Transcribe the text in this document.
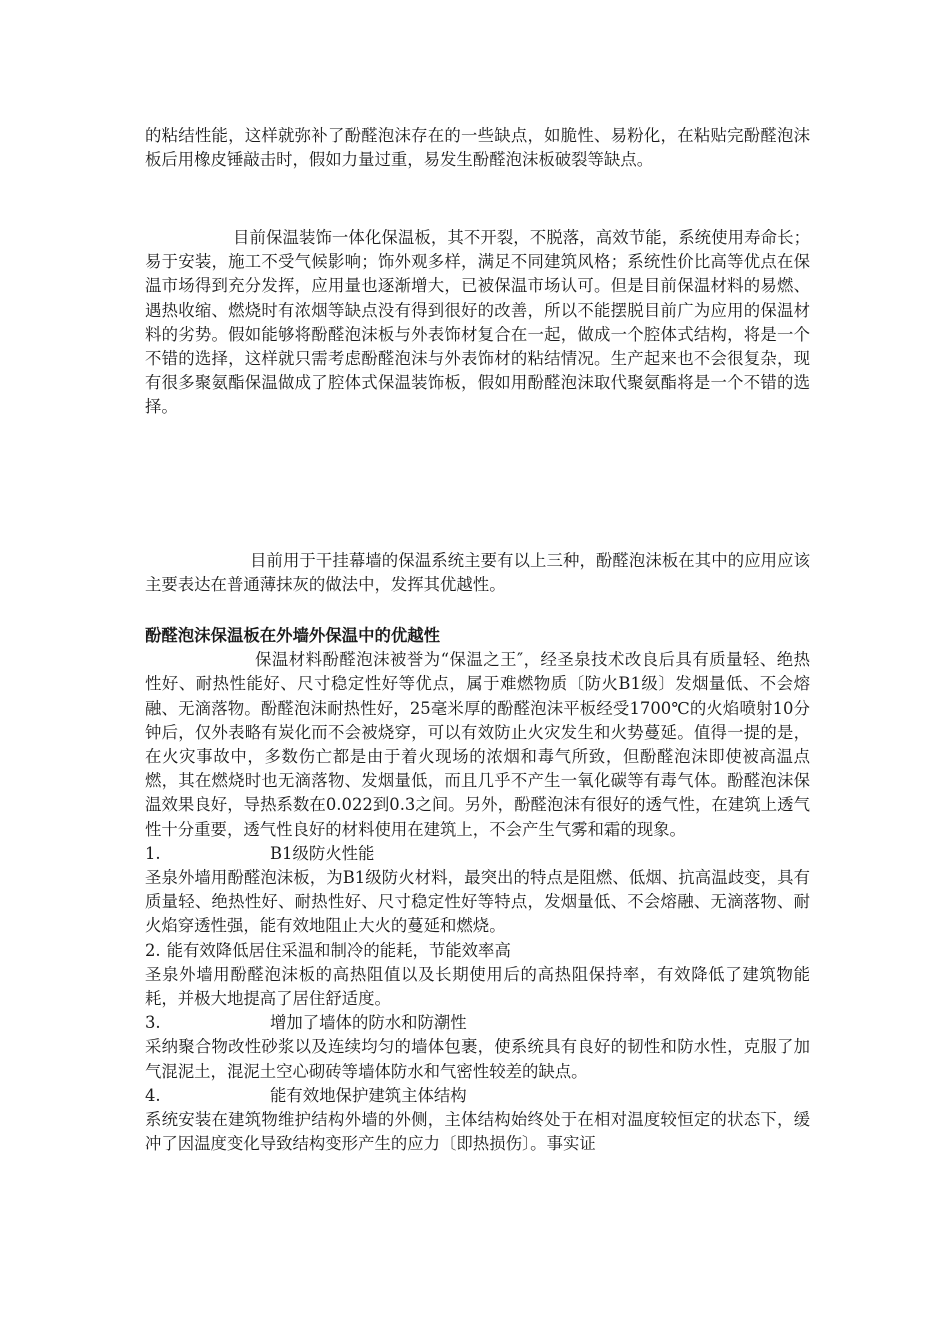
的粘结性能，这样就弥补了酚醛泡沫存在的一些缺点，如脆性、易粉化，在粘贴完酚醛泡沫板后用橡皮锤敲击时，假如力量过重，易发生酚醛泡沫板破裂等缺点。

目前保温装饰一体化保温板，其不开裂，不脱落，高效节能，系统使用寿命长；易于安装，施工不受气候影响；饰外观多样，满足不同建筑风格；系统性价比高等优点在保温市场得到充分发挥，应用量也逐渐增大，已被保温市场认可。但是目前保温材料的易燃、遇热收缩、燃烧时有浓烟等缺点没有得到很好的改善，所以不能摆脱目前广为应用的保温材料的劣势。假如能够将酚醛泡沫板与外表饰材复合在一起，做成一个腔体式结构，将是一个不错的选择，这样就只需考虑酚醛泡沫与外表饰材的粘结情况。生产起来也不会很复杂，现有很多聚氨酯保温做成了腔体式保温装饰板，假如用酚醛泡沫取代聚氨酯将是一个不错的选择。

目前用于干挂幕墙的保温系统主要有以上三种，酚醛泡沫板在其中的应用应该主要表达在普通薄抹灰的做法中，发挥其优越性。

酚醛泡沫保温板在外墙外保温中的优越性

保温材料酚醛泡沫被誉为“保温之王″，经圣泉技术改良后具有质量轻、绝热性好、耐热性能好、尺寸稳定性好等优点，属于难燃物质〔防火B1级〕发烟量低、不会熔融、无滴落物。酚醛泡沫耐热性好，25毫米厚的酚醛泡沫平板经受1700℃的火焰喷射10分钟后，仅外表略有炭化而不会被烧穿，可以有效防止火灾发生和火势蔓延。值得一提的是，在火灾事故中，多数伤亡都是由于着火现场的浓烟和毒气所致，但酚醛泡沫即使被高温点燃，其在燃烧时也无滴落物、发烟量低，而且几乎不产生一氧化碳等有毒气体。酚醛泡沫保温效果良好，导热系数在0.022到0.3之间。另外，酚醛泡沫有很好的透气性，在建筑上透气性十分重要，透气性良好的材料使用在建筑上，不会产生气雾和霜的现象。

1.	B1级防火性能

圣泉外墙用酚醛泡沫板，为B1级防火材料，最突出的特点是阻燃、低烟、抗高温歧变，具有质量轻、绝热性好、耐热性好、尺寸稳定性好等特点，发烟量低、不会熔融、无滴落物、耐火焰穿透性强，能有效地阻止大火的蔓延和燃烧。

2. 能有效降低居住采温和制冷的能耗，节能效率高

圣泉外墙用酚醛泡沫板的高热阻值以及长期使用后的高热阻保持率，有效降低了建筑物能耗，并极大地提高了居住舒适度。

3.	增加了墙体的防水和防潮性

采纳聚合物改性砂浆以及连续均匀的墙体包裹，使系统具有良好的韧性和防水性，克服了加气混泥土，混泥土空心砌砖等墙体防水和气密性较差的缺点。

4.	能有效地保护建筑主体结构

系统安装在建筑物维护结构外墙的外侧，主体结构始终处于在相对温度较恒定的状态下，缓冲了因温度变化导致结构变形产生的应力〔即热损伤〕。事实证
